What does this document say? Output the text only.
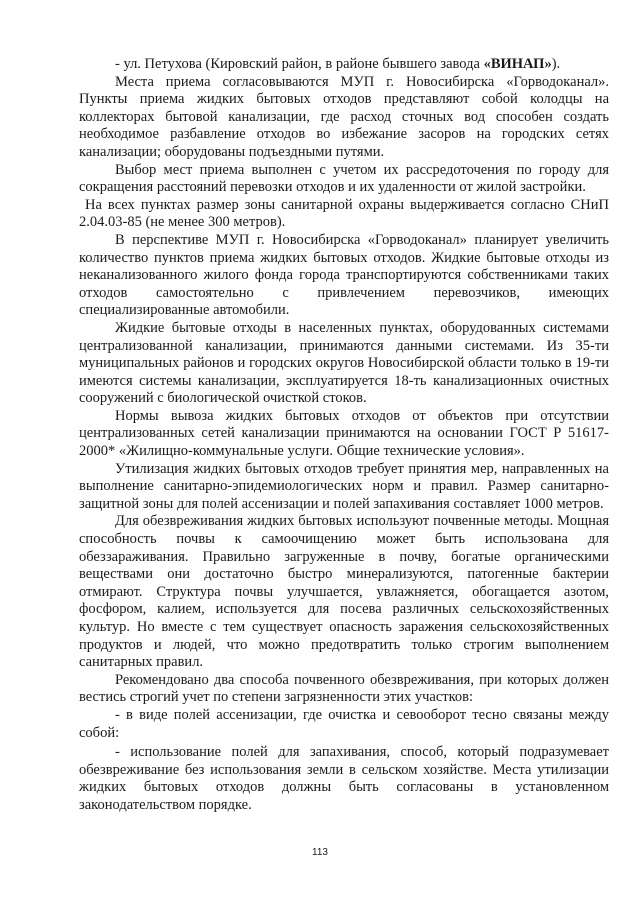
- ул. Петухова (Кировский район, в районе бывшего завода «ВИНАП»).

Места приема согласовываются МУП г. Новосибирска «Горводоканал». Пункты приема жидких бытовых отходов представляют собой колодцы на коллекторах бытовой канализации, где расход сточных вод способен создать необходимое разбавление отходов во избежание засоров на городских сетях канализации; оборудованы подъездными путями.

Выбор мест приема выполнен с учетом их рассредоточения по городу для сокращения расстояний перевозки отходов и их удаленности от жилой застройки.

На всех пунктах размер зоны санитарной охраны выдерживается согласно СНиП 2.04.03-85 (не менее 300 метров).

В перспективе МУП г. Новосибирска «Горводоканал» планирует увеличить количество пунктов приема жидких бытовых отходов. Жидкие бытовые отходы из неканализованного жилого фонда города транспортируются собственниками таких отходов самостоятельно с привлечением перевозчиков, имеющих специализированные автомобили.

Жидкие бытовые отходы в населенных пунктах, оборудованных системами централизованной канализации, принимаются данными системами. Из 35-ти муниципальных районов и городских округов Новосибирской области только в 19-ти имеются системы канализации, эксплуатируется 18-ть канализационных очистных сооружений с биологической очисткой стоков.

Нормы вывоза жидких бытовых отходов от объектов при отсутствии централизованных сетей канализации принимаются на основании ГОСТ Р 51617-2000* «Жилищно-коммунальные услуги. Общие технические условия».

Утилизация жидких бытовых отходов требует принятия мер, направленных на выполнение санитарно-эпидемиологических норм и правил. Размер санитарно-защитной зоны для полей ассенизации и полей запахивания составляет 1000 метров.

Для обезвреживания жидких бытовых используют почвенные методы. Мощная способность почвы к самоочищению может быть использована для обеззараживания. Правильно загруженные в почву, богатые органическими веществами они достаточно быстро минерализуются, патогенные бактерии отмирают. Структура почвы улучшается, увлажняется, обогащается азотом, фосфором, калием, используется для посева различных сельскохозяйственных культур. Но вместе с тем существует опасность заражения сельскохозяйственных продуктов и людей, что можно предотвратить только строгим выполнением санитарных правил.

Рекомендовано два способа почвенного обезвреживания, при которых должен вестись строгий учет по степени загрязненности этих участков:

- в виде полей ассенизации, где очистка и севооборот тесно связаны между собой:

- использование полей для запахивания, способ, который подразумевает обезвреживание без использования земли в сельском хозяйстве. Места утилизации жидких бытовых отходов должны быть согласованы в установленном законодательством порядке.

113
